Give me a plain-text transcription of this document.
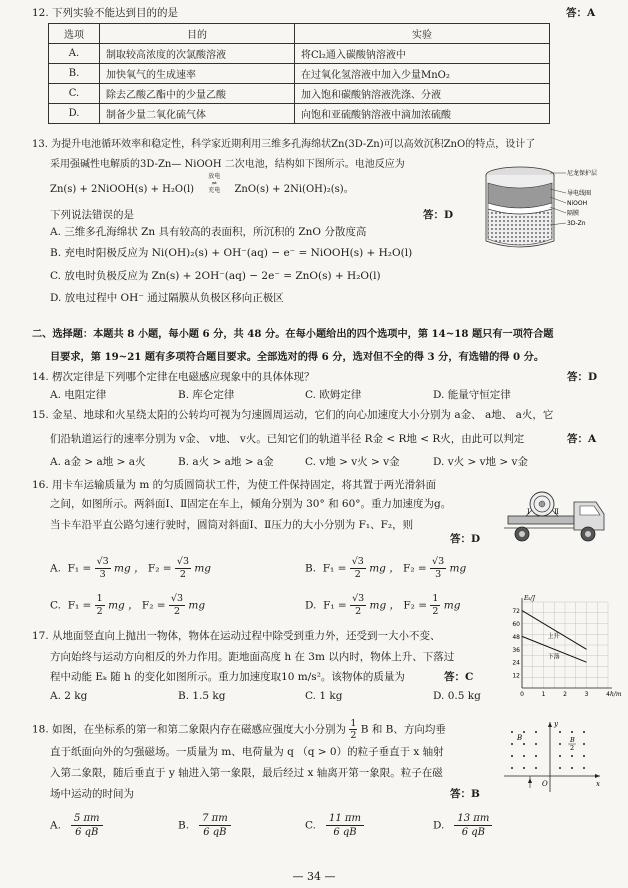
12. 下列实验不能达到目的的是	答：A
选项	目的	实验
A.	制取较高浓度的次氯酸溶液	将Cl₂通入碳酸钠溶液中
B.	加快氧气的生成速率	在过氧化氢溶液中加入少量MnO₂
C.	除去乙酸乙酯中的少量乙酸	加入饱和碳酸钠溶液洗涤、分液
D.	制备少量二氧化硫气体	向饱和亚硫酸钠溶液中滴加浓硫酸
13. 为提升电池循环效率和稳定性，科学家近期利用三维多孔海绵状Zn(3D-Zn)可以高效沉积ZnO的特点，设计了
采用强碱性电解质的3D-Zn— NiOOH 二次电池，结构如下图所示。电池反应为
Zn(s) + 2NiOOH(s) + H₂O(l) 放电
⇌
充电 ZnO(s) + 2Ni(OH)₂(s)。
下列说法错误的是	答：D
A. 三维多孔海绵状 Zn 具有较高的表面积，所沉积的 ZnO 分散度高
B. 充电时阳极反应为 Ni(OH)₂(s) + OH⁻(aq) − e⁻ = NiOOH(s) + H₂O(l)
C. 放电时负极反应为 Zn(s) + 2OH⁻(aq) − 2e⁻ = ZnO(s) + H₂O(l)
D. 放电过程中 OH⁻ 通过隔膜从负极区移向正极区
尼龙保护层
导电线圈
NiOOH
隔膜
3D-Zn
二、选择题：本题共 8 小题，每小题 6 分，共 48 分。在每小题给出的四个选项中，第 14~18 题只有一项符合题
目要求，第 19~21 题有多项符合题目要求。全部选对的得 6 分，选对但不全的得 3 分，有选错的得 0 分。
14. 楞次定律是下列哪个定律在电磁感应现象中的具体体现？	答：D
A. 电阻定律	B. 库仑定律	C. 欧姆定律	D. 能量守恒定律
15. 金星、地球和火星绕太阳的公转均可视为匀速圆周运动，它们的向心加速度大小分别为 a金、 a地、 a火，它
们沿轨道运行的速率分别为 v金、 v地、 v火。已知它们的轨道半径 R金 < R地 < R火，由此可以判定	答：A
A. a金 > a地 > a火	B. a火 > a地 > a金	C. v地 > v火 > v金	D. v火 > v地 > v金
16. 用卡车运输质量为 m 的匀质圆筒状工件，为使工件保持固定，将其置于两光滑斜面
之间，如图所示。两斜面Ⅰ、Ⅱ固定在车上，倾角分别为 30° 和 60°。重力加速度为g。
当卡车沿平直公路匀速行驶时，圆筒对斜面Ⅰ、Ⅱ压力的大小分别为 F₁、F₂，则
答：D
Ⅰ	Ⅱ
A. $F_1 = \frac{√3}{3}$ mg ， $F_2 = \frac{√3}{2}$ mg	B. $F_1 = \frac{√3}{2}$ mg ， $F_2 = \frac{√3}{3}$ mg
C. $F_1 = \frac{1}{2}$ mg ， $F_2 = \frac{√3}{2}$ mg	D. $F_1 = \frac{√3}{2}$ mg ， $F_2 = \frac{1}{2}$ mg
17. 从地面竖直向上抛出一物体，物体在运动过程中除受到重力外，还受到一大小不变、
方向始终与运动方向相反的外力作用。距地面高度 h 在 3m 以内时，物体上升、下落过
程中动能 Eₖ 随 h 的变化如图所示。重力加速度取10 m/s²。该物体的质量为	答：C
A. 2 kg	B. 1.5 kg	C. 1 kg	D. 0.5 kg
12
24
36
48
60
72
0	1	2	3	4
Eₖ/J
h/m
上升
下落
18. 如图，在坐标系的第一和第二象限内存在磁感应强度大小分别为 $\frac{1}{2}$ B 和 B、方向均垂
直于纸面向外的匀强磁场。一质量为 m、电荷量为 q （q > 0）的粒子垂直于 x 轴射
入第二象限，随后垂直于 y 轴进入第一象限，最后经过 x 轴离开第一象限。粒子在磁
场中运动的时间为	答：B
B	B
2
x
y
O
A. $\frac{5 \pi m}{6 qB}$	B. $\frac{7 \pi m}{6 qB}$	C. $\frac{11 \pi m}{6 qB}$	D. $\frac{13 \pi m}{6 qB}$
— 34 —
